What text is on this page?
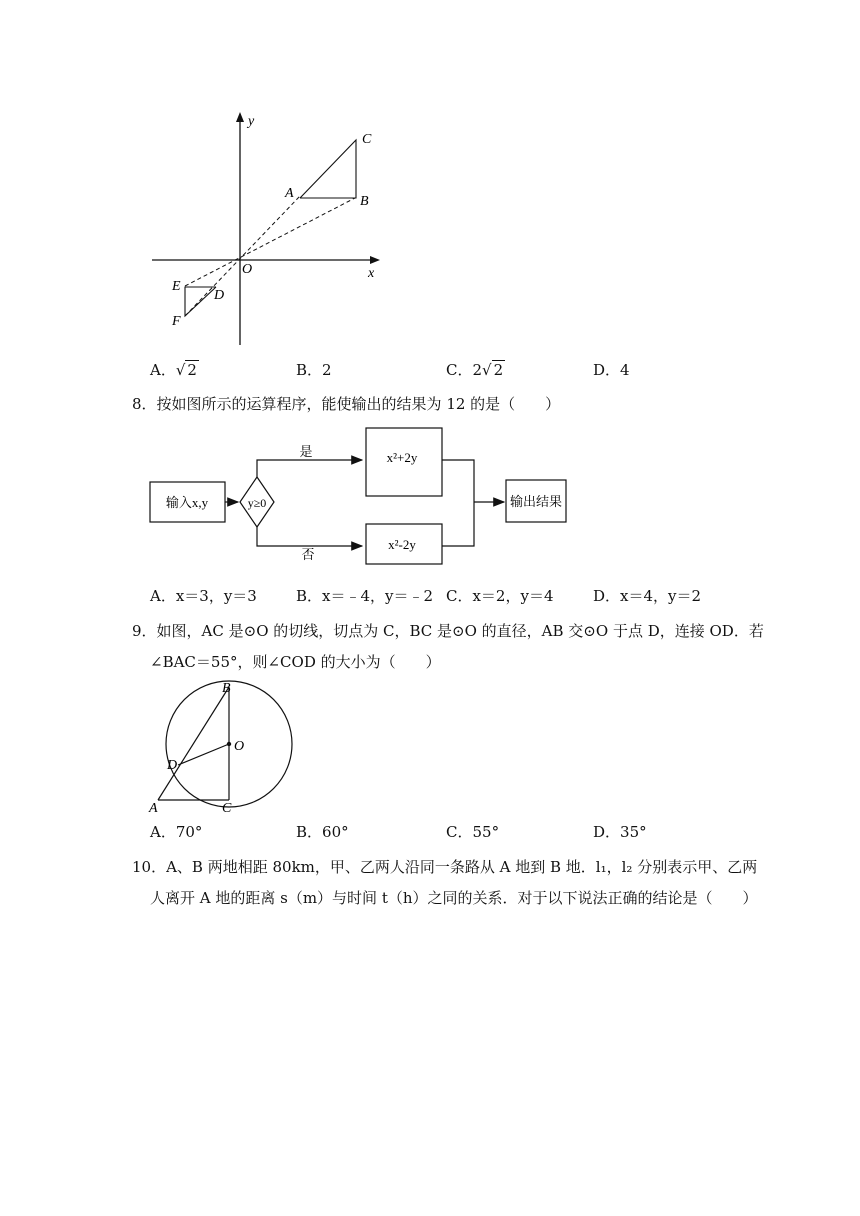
y
x
O
C
A
B
E
D
F
A．√ 2	B．2	C．2√ 2	D．4
8．按如图所示的运算程序，能使输出的结果为 12 的是（　　）
输入x,y	y≥0
是
否
x²+2y
x²-2y
输出结果
A．x＝3，y＝3	B．x＝﹣4，y＝﹣2 C．x＝2，y＝4	D．x＝4，y＝2
9．如图，AC 是⊙O 的切线，切点为 C，BC 是⊙O 的直径，AB 交⊙O 于点 D，连接 OD．若
∠BAC＝55°，则∠COD 的大小为（　　）
B
O
D
A	C
A．70°	B．60°	C．55°	D．35°
10．A、B 两地相距 80km，甲、乙两人沿同一条路从 A 地到 B 地．l₁，l₂ 分别表示甲、乙两
人离开 A 地的距离 s（m）与时间 t（h）之同的关系．对于以下说法正确的结论是（　　）
